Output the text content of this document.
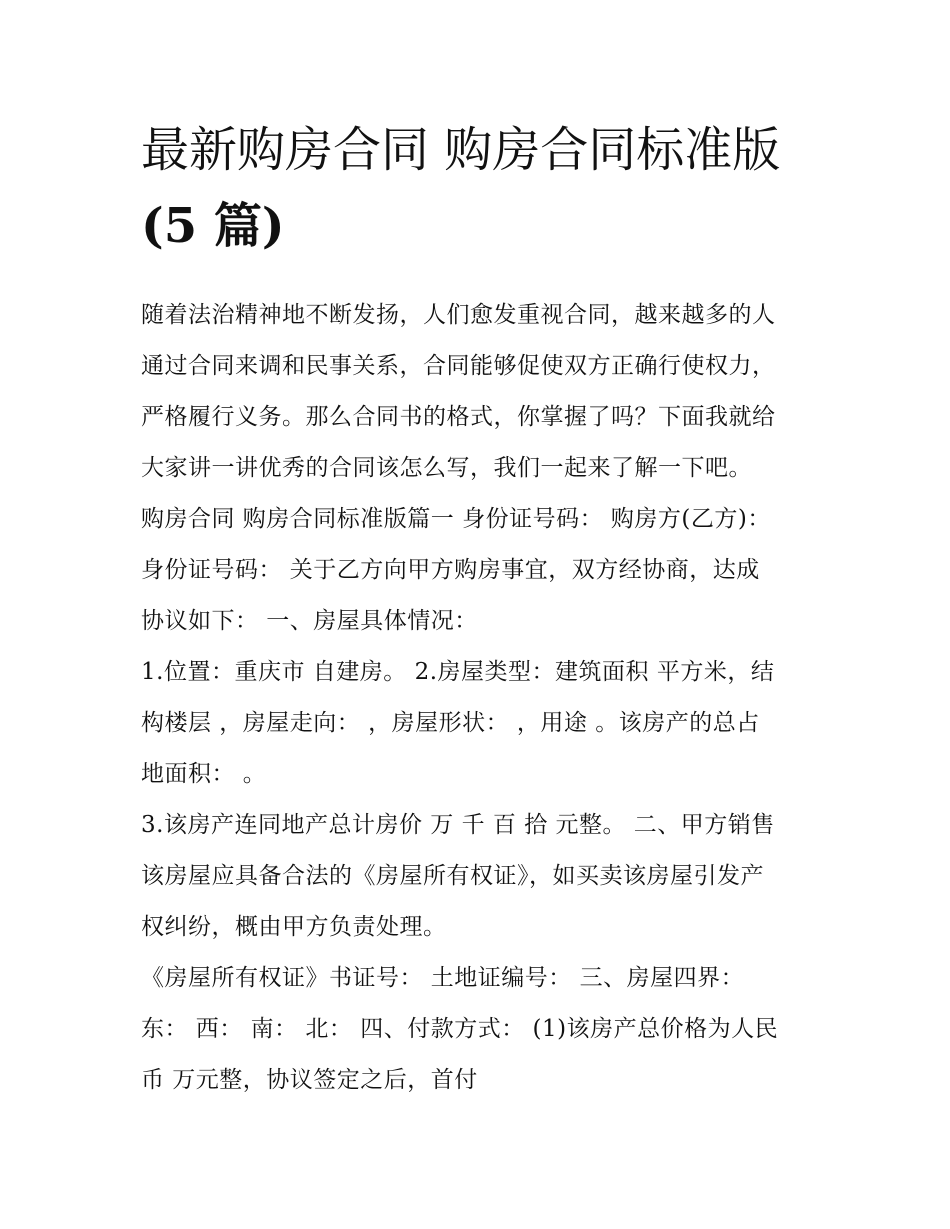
最新购房合同 购房合同标准版
(5 篇)

随着法治精神地不断发扬，人们愈发重视合同，越来越多的人
通过合同来调和民事关系，合同能够促使双方正确行使权力，
严格履行义务。那么合同书的格式，你掌握了吗？下面我就给
大家讲一讲优秀的合同该怎么写，我们一起来了解一下吧。

购房合同 购房合同标准版篇一 身份证号码： 购房方(乙方)：
身份证号码： 关于乙方向甲方购房事宜，双方经协商，达成
协议如下： 一、房屋具体情况：

1.位置：重庆市 自建房。 2.房屋类型：建筑面积 平方米，结
构楼层 ，房屋走向： ，房屋形状： ，用途 。该房产的总占
地面积： 。

3.该房产连同地产总计房价 万 千 百 拾 元整。 二、甲方销售
该房屋应具备合法的《房屋所有权证》，如买卖该房屋引发产
权纠纷，概由甲方负责处理。

《房屋所有权证》书证号： 土地证编号： 三、房屋四界：
东： 西： 南： 北： 四、付款方式： (1)该房产总价格为人民
币 万元整，协议签定之后，首付
